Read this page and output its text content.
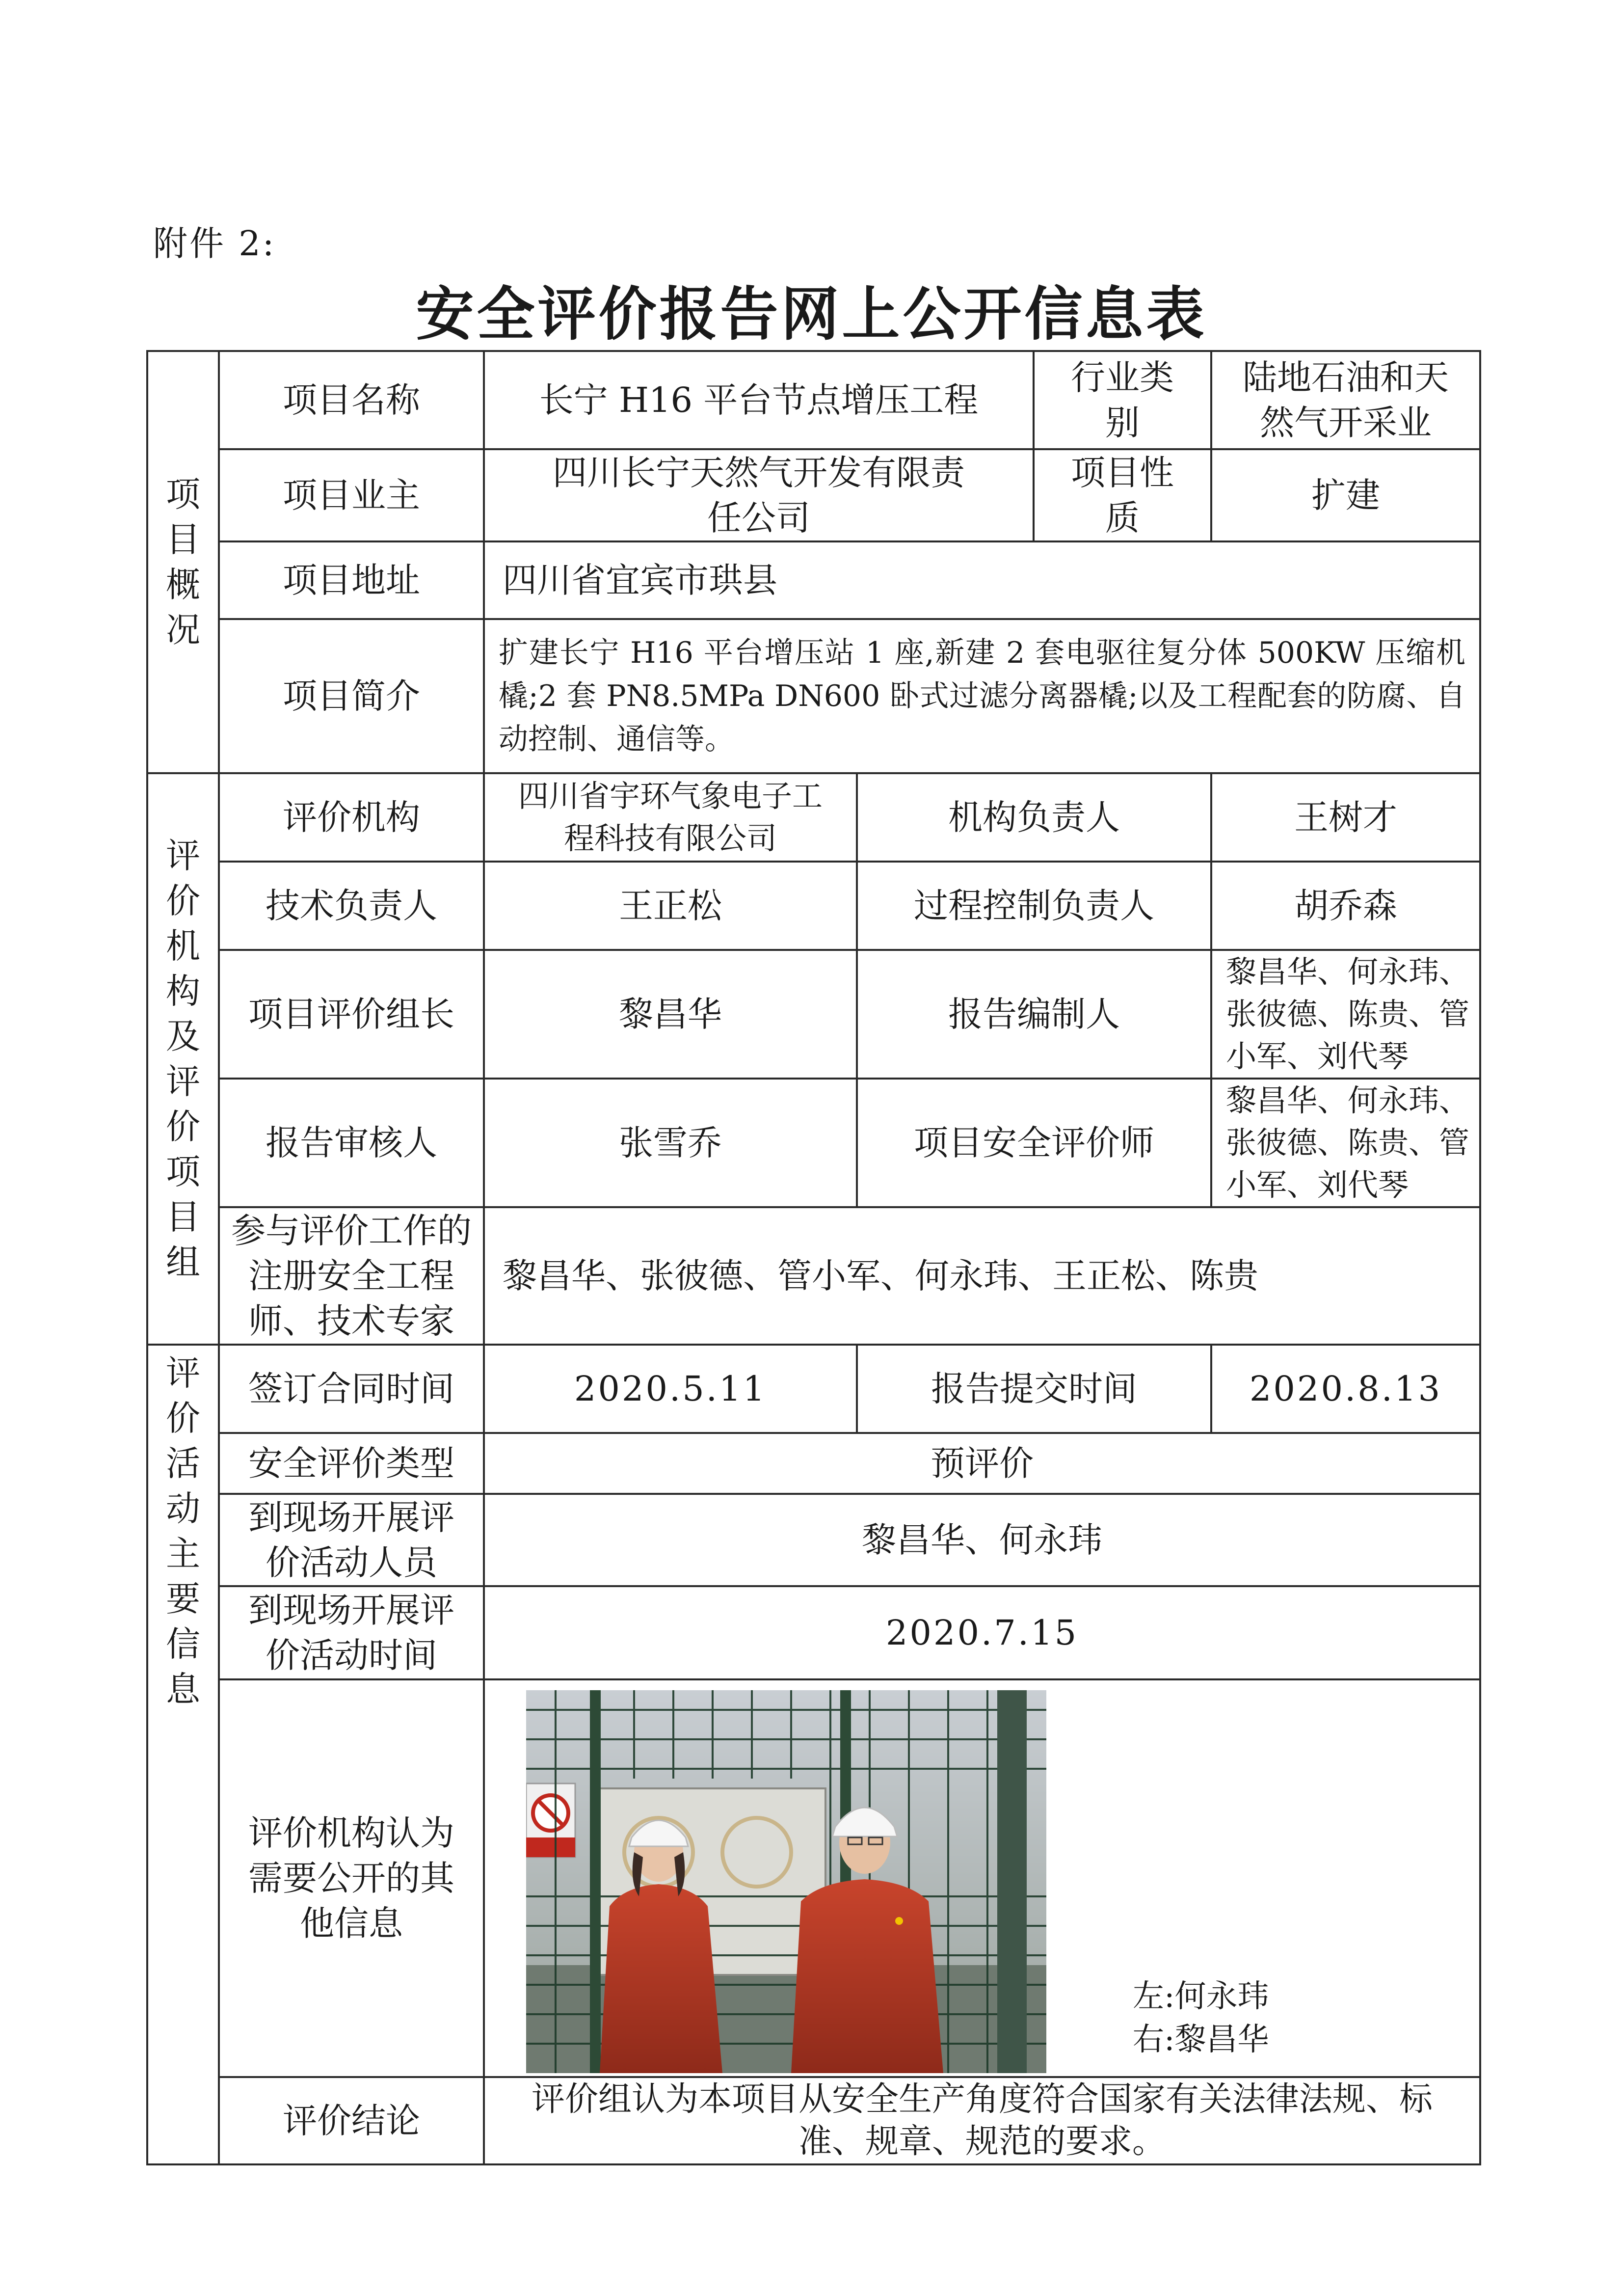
附件 2:
安全评价报告网上公开信息表
项目概况	项目名称	长宁 H16 平台节点增压工程		行业类别	陆地石油和天然气开采业
	项目业主	四川长宁天然气开发有限责任公司		项目性质	扩建
	项目地址	四川省宜宾市珙县			
	项目简介	扩建长宁 H16 平台增压站 1 座,新建 2 套电驱往复分体 500KW 压缩机橇;2 套 PN8.5MPa DN600 卧式过滤分离器橇;以及工程配套的防腐、自动控制、通信等。			

评价机构及评价项目组	评价机构	四川省宇环气象电子工程科技有限公司	机构负责人		王树才
	技术负责人	王正松	过程控制负责人		胡乔森
	项目评价组长	黎昌华	报告编制人		黎昌华、何永玮、张彼德、陈贵、管小军、刘代琴
	报告审核人	张雪乔	项目安全评价师		黎昌华、何永玮、张彼德、陈贵、管小军、刘代琴
	参与评价工作的注册安全工程师、技术专家	黎昌华、张彼德、管小军、何永玮、王正松、陈贵			

评价活动主要信息	签订合同时间	2020.5.11	报告提交时间		2020.8.13
	安全评价类型	预评价			
	到现场开展评价活动人员	黎昌华、何永玮			
	到现场开展评价活动时间	2020.7.15			
	评价机构认为需要公开的其他信息	左:何永玮
右:黎昌华			

	评价结论	评价组认为本项目从安全生产角度符合国家有关法律法规、标准、规章、规范的要求。			
